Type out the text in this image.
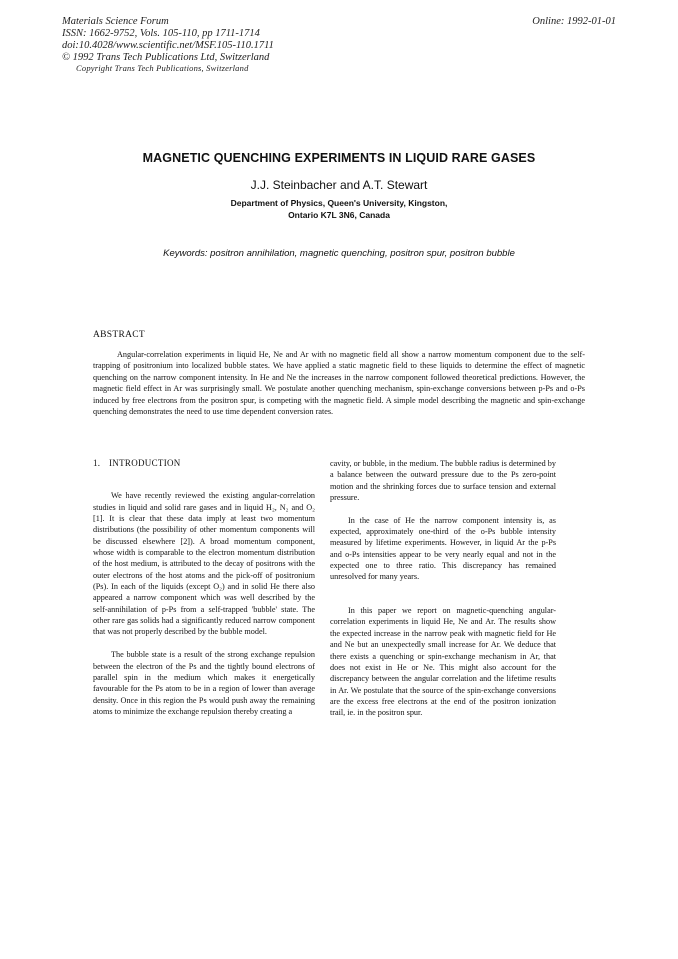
Materials Science Forum
ISSN: 1662-9752, Vols. 105-110, pp 1711-1714
doi:10.4028/www.scientific.net/MSF.105-110.1711
© 1992 Trans Tech Publications Ltd, Switzerland
Copyright Trans Tech Publications, Switzerland
Online: 1992-01-01
MAGNETIC QUENCHING EXPERIMENTS IN LIQUID RARE GASES
J.J. Steinbacher and A.T. Stewart
Department of Physics, Queen's University, Kingston,
Ontario K7L 3N6, Canada
Keywords: positron annihilation, magnetic quenching, positron spur, positron bubble
ABSTRACT

Angular-correlation experiments in liquid He, Ne and Ar with no magnetic field all show a narrow momentum component due to the self-trapping of positronium into localized bubble states. We have applied a static magnetic field to these liquids to determine the effect of magnetic quenching on the narrow component intensity. In He and Ne the increases in the narrow component followed theoretical predictions. However, the magnetic field effect in Ar was surprisingly small. We postulate another quenching mechanism, spin-exchange conversions between p-Ps and o-Ps induced by free electrons from the positron spur, is competing with the magnetic field. A simple model describing the magnetic and spin-exchange quenching demonstrates the need to use time dependent conversion rates.

1. INTRODUCTION

We have recently reviewed the existing angular-correlation studies in liquid and solid rare gases and in liquid H₂, N₂ and O₂ [1]. It is clear that these data imply at least two momentum distributions (the possibility of other momentum components will be discussed elsewhere [2]). A broad momentum component, whose width is comparable to the electron momentum distribution of the host medium, is attributed to the decay of positrons with the outer electrons of the host atoms and the pick-off of positronium (Ps). In each of the liquids (except O₂) and in solid He there also appeared a narrow component which was well described by the self-annihilation of p-Ps from a self-trapped 'bubble' state. The other rare gas solids had a significantly reduced narrow component that was not properly described by the bubble model.

The bubble state is a result of the strong exchange repulsion between the electron of the Ps and the tightly bound electrons of parallel spin in the medium which makes it energetically favourable for the Ps atom to be in a region of lower than average density. Once in this region the Ps would push away the remaining atoms to minimize the exchange repulsion thereby creating a

cavity, or bubble, in the medium. The bubble radius is determined by a balance between the outward pressure due to the Ps zero-point motion and the shrinking forces due to surface tension and external pressure.

In the case of He the narrow component intensity is, as expected, approximately one-third of the o-Ps bubble intensity measured by lifetime experiments. However, in liquid Ar the p-Ps and o-Ps intensities appear to be very nearly equal and not in the expected one to three ratio. This discrepancy has remained unresolved for many years.

In this paper we report on magnetic-quenching angular-correlation experiments in liquid He, Ne and Ar. The results show the expected increase in the narrow peak with magnetic field for He and Ne but an unexpectedly small increase for Ar. We deduce that there exists a quenching or spin-exchange mechanism in Ar, that does not exist in He or Ne. This might also account for the discrepancy between the angular correlation and the lifetime results in Ar. We postulate that the source of the spin-exchange conversions are the excess free electrons at the end of the positron ionization trail, ie. in the positron spur.
